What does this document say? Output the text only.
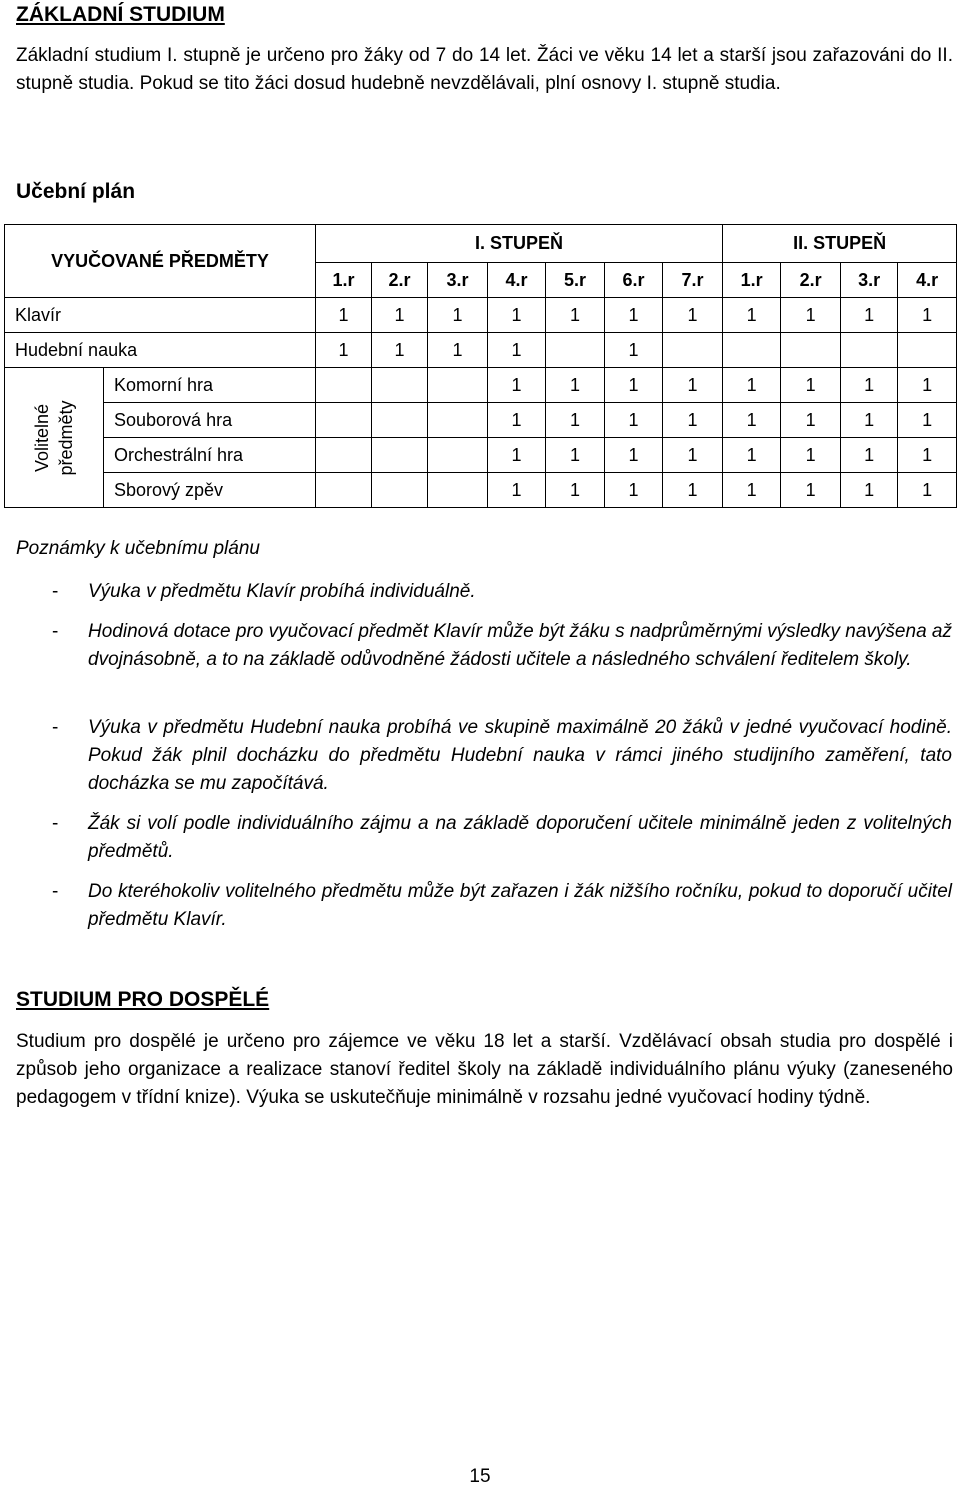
ZÁKLADNÍ STUDIUM
Základní studium I. stupně je určeno pro žáky od 7 do 14 let. Žáci ve věku 14 let a starší jsou zařazováni do II. stupně studia. Pokud se tito žáci dosud hudebně nevzdělávali, plní osnovy I. stupně studia.
Učební plán
VYUČOVANÉ PŘEDMĚTY		I. STUPEŇ							II. STUPEŇ			
		1.r	2.r	3.r	4.r	5.r	6.r	7.r	1.r	2.r	3.r	4.r
Klavír		1	1	1	1	1	1	1	1	1	1	1
Hudební nauka		1	1	1	1		1					

Volitelné předměty	Komorní hra				1	1	1	1	1	1	1	1
	Souborová hra				1	1	1	1	1	1	1	1
	Orchestrální hra				1	1	1	1	1	1	1	1
	Sborový zpěv				1	1	1	1	1	1	1	1
Poznámky k učebnímu plánu
- Výuka v předmětu Klavír probíhá individuálně.
- Hodinová dotace pro vyučovací předmět Klavír může být žáku s nadprůměrnými výsledky navýšena až dvojnásobně, a to na základě odůvodněné žádosti učitele a následného schválení ředitelem školy.
- Výuka v předmětu Hudební nauka probíhá ve skupině maximálně 20 žáků v jedné vyučovací hodině. Pokud žák plnil docházku do předmětu Hudební nauka v rámci jiného studijního zaměření, tato docházka se mu započítává.
- Žák si volí podle individuálního zájmu a na základě doporučení učitele minimálně jeden z volitelných předmětů.
- Do kteréhokoliv volitelného předmětu může být zařazen i žák nižšího ročníku, pokud to doporučí učitel předmětu Klavír.
STUDIUM PRO DOSPĚLÉ
Studium pro dospělé je určeno pro zájemce ve věku 18 let a starší. Vzdělávací obsah studia pro dospělé i způsob jeho organizace a realizace stanoví ředitel školy na základě individuálního plánu výuky (zaneseného pedagogem v třídní knize). Výuka se uskutečňuje minimálně v rozsahu jedné vyučovací hodiny týdně.
15
